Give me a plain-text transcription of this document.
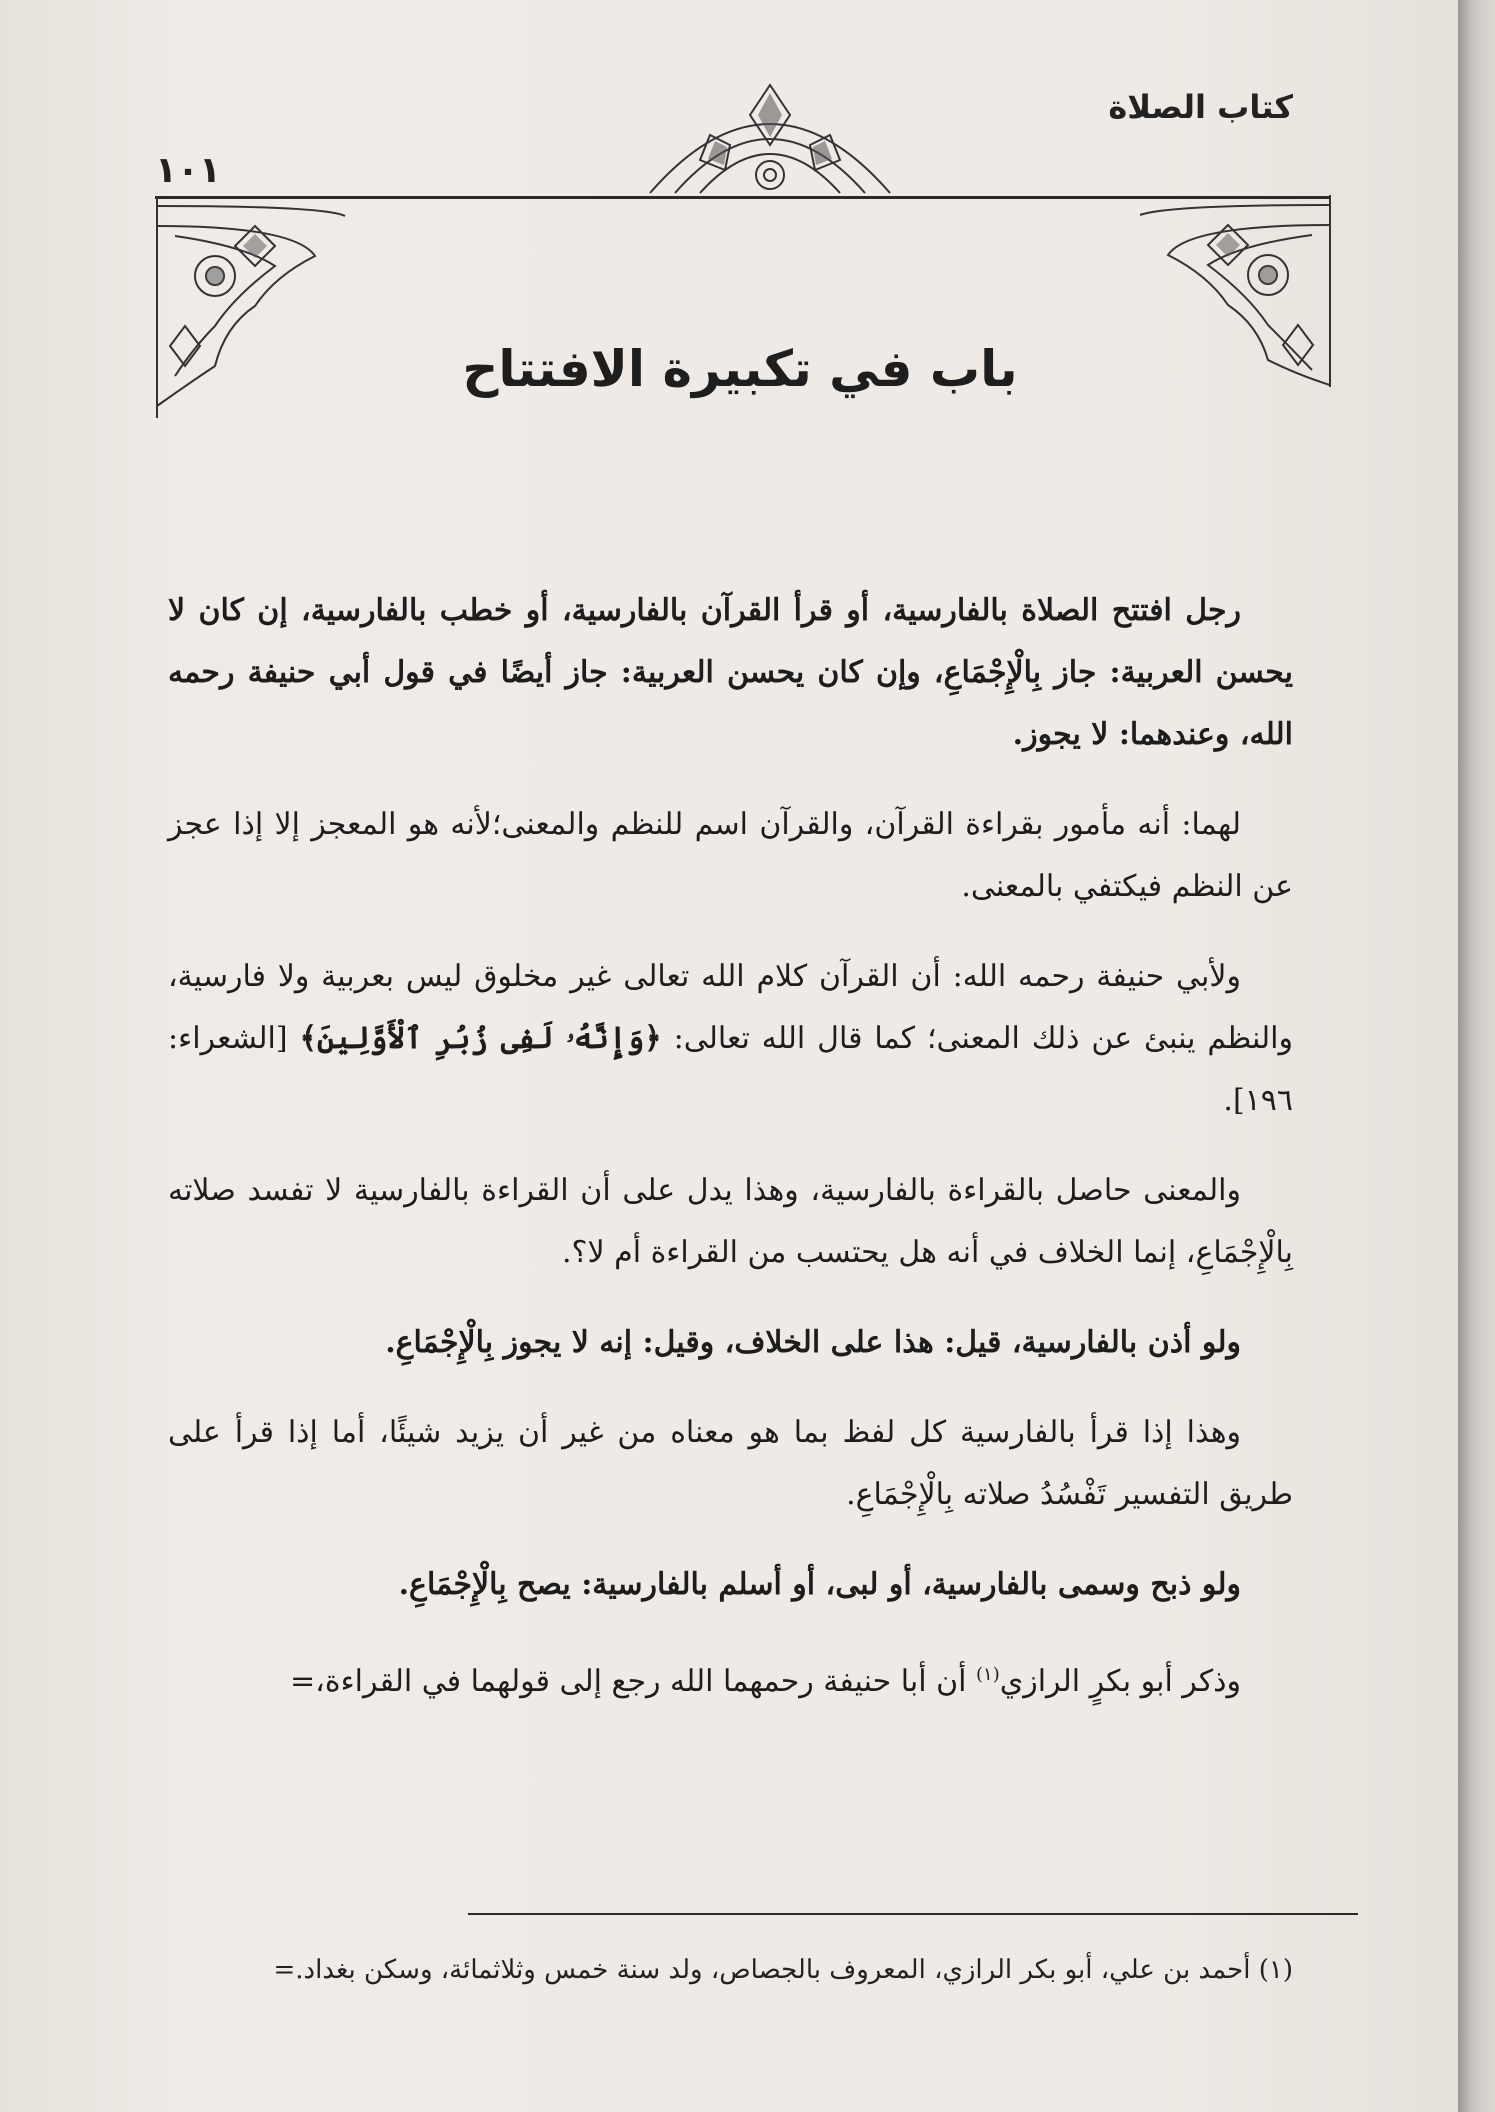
كتاب الصلاة
١٠١
باب في تكبيرة الافتتاح

رجل افتتح الصلاة بالفارسية، أو قرأ القرآن بالفارسية، أو خطب بالفارسية، إن كان لا يحسن العربية: جاز بِالْإِجْمَاعِ، وإن كان يحسن العربية: جاز أيضًا في قول أبي حنيفة رحمه الله، وعندهما: لا يجوز.

لهما: أنه مأمور بقراءة القرآن، والقرآن اسم للنظم والمعنى؛لأنه هو المعجز إلا إذا عجز عن النظم فيكتفي بالمعنى.

ولأبي حنيفة رحمه الله: أن القرآن كلام الله تعالى غير مخلوق ليس بعربية ولا فارسية، والنظم ينبئ عن ذلك المعنى؛ كما قال الله تعالى: ﴿وَإِنَّهُۥ لَفِى زُبُرِ ٱلْأَوَّلِينَ﴾ [الشعراء: ١٩٦].

والمعنى حاصل بالقراءة بالفارسية، وهذا يدل على أن القراءة بالفارسية لا تفسد صلاته بِالْإِجْمَاعِ، إنما الخلاف في أنه هل يحتسب من القراءة أم لا؟.

ولو أذن بالفارسية، قيل: هذا على الخلاف، وقيل: إنه لا يجوز بِالْإِجْمَاعِ.

وهذا إذا قرأ بالفارسية كل لفظ بما هو معناه من غير أن يزيد شيئًا، أما إذا قرأ على طريق التفسير تَفْسُدُ صلاته بِالْإِجْمَاعِ.

ولو ذبح وسمى بالفارسية، أو لبى، أو أسلم بالفارسية: يصح بِالْإِجْمَاعِ.

وذكر أبو بكرٍ الرازي$^{(١)}$ أن أبا حنيفة رحمهما الله رجع إلى قولهما في القراءة،=

(١) أحمد بن علي، أبو بكر الرازي، المعروف بالجصاص، ولد سنة خمس وثلاثمائة، وسكن بغداد.=
